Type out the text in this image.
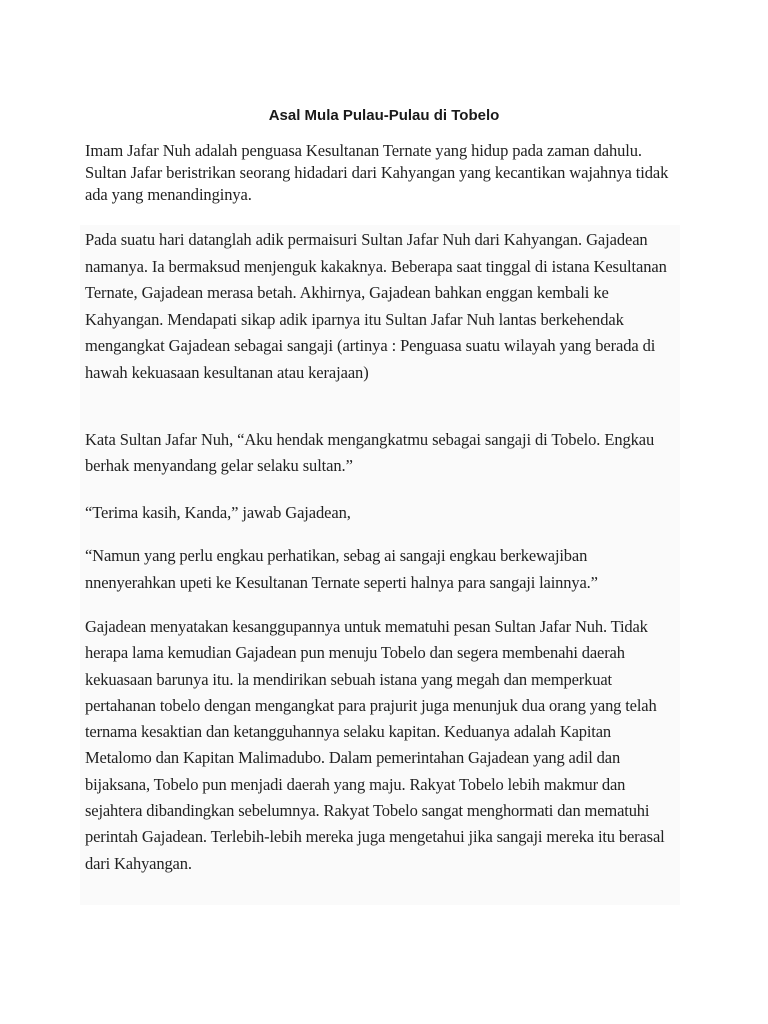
Asal Mula Pulau-Pulau di Tobelo

Imam Jafar Nuh adalah penguasa Kesultanan Ternate yang hidup pada zaman dahulu. Sultan Jafar beristrikan seorang hidadari dari Kahyangan yang kecantikan wajahnya tidak ada yang menandinginya.

Pada suatu hari datanglah adik permaisuri Sultan Jafar Nuh dari Kahyangan. Gajadean namanya. Ia bermaksud menjenguk kakaknya. Beberapa saat tinggal di istana Kesultanan Ternate, Gajadean merasa betah. Akhirnya, Gajadean bahkan enggan kembali ke Kahyangan. Mendapati sikap adik iparnya itu Sultan Jafar Nuh lantas berkehendak mengangkat Gajadean sebagai sangaji (artinya : Penguasa suatu wilayah yang berada di hawah kekuasaan kesultanan atau kerajaan)

Kata Sultan Jafar Nuh, “Aku hendak mengangkatmu sebagai sangaji di Tobelo. Engkau berhak menyandang gelar selaku sultan.”

“Terima kasih, Kanda,” jawab Gajadean,

“Namun yang perlu engkau perhatikan, sebag ai sangaji engkau berkewajiban nnenyerahkan upeti ke Kesultanan Ternate seperti halnya para sangaji lainnya.”

Gajadean menyatakan kesanggupannya untuk mematuhi pesan Sultan Jafar Nuh. Tidak herapa lama kemudian Gajadean pun menuju Tobelo dan segera membenahi daerah kekuasaan barunya itu. la mendirikan sebuah istana yang megah dan memperkuat pertahanan tobelo dengan mengangkat para prajurit juga menunjuk dua orang yang telah ternama kesaktian dan ketangguhannya selaku kapitan. Keduanya adalah Kapitan Metalomo dan Kapitan Malimadubo. Dalam pemerintahan Gajadean yang adil dan bijaksana, Tobelo pun menjadi daerah yang maju. Rakyat Tobelo lebih makmur dan sejahtera dibandingkan sebelumnya. Rakyat Tobelo sangat menghormati dan mematuhi perintah Gajadean. Terlebih-lebih mereka juga mengetahui jika sangaji mereka itu berasal dari Kahyangan.
